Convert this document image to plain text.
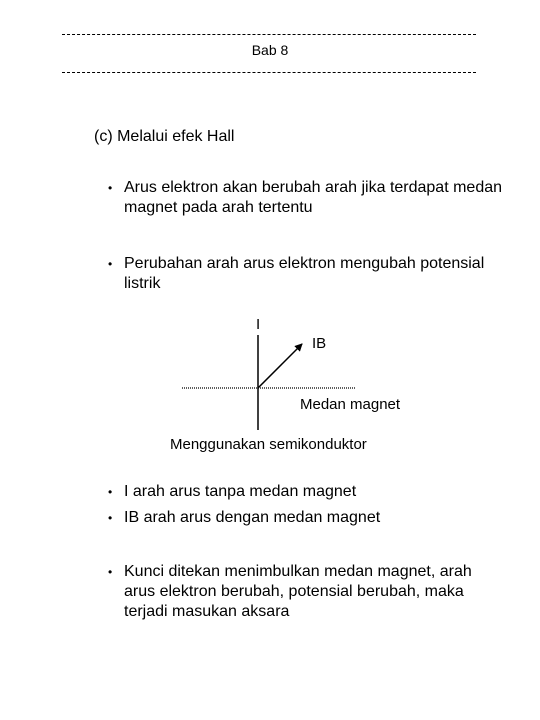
Bab 8
(c) Melalui efek Hall
• Arus elektron akan berubah arah jika terdapat medan magnet pada arah tertentu
• Perubahan arah arus elektron mengubah potensial listrik
I
IB
Medan magnet
Menggunakan semikonduktor
• I arah arus tanpa medan magnet
• IB arah arus dengan medan magnet
• Kunci ditekan menimbulkan medan magnet, arah arus elektron berubah, potensial berubah, maka terjadi masukan aksara
